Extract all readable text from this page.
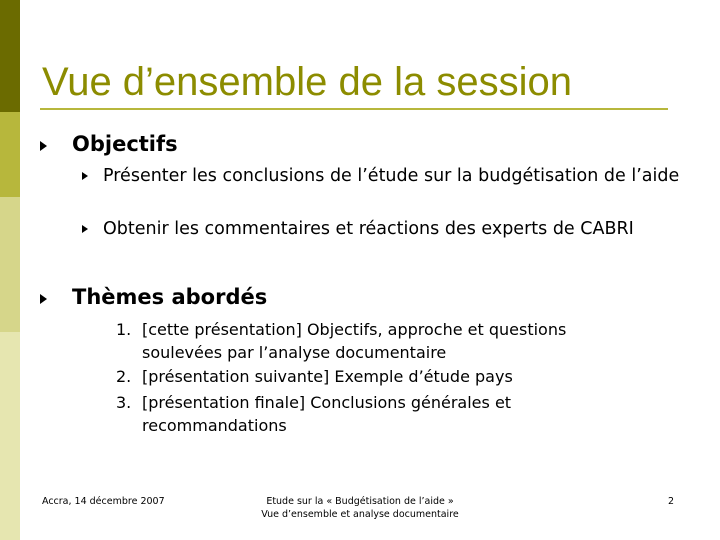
Vue d’ensemble de la session
Objectifs
Présenter les conclusions de l’étude sur la budgétisation de l’aide
Obtenir les commentaires et réactions des experts de CABRI
Thèmes abordés
1. [cette présentation] Objectifs, approche et questions soulevées par l’analyse documentaire
2. [présentation suivante] Exemple d’étude pays
3. [présentation finale] Conclusions générales et recommandations
Accra, 14 décembre 2007	Etude sur la « Budgétisation de l’aide »
Vue d’ensemble et analyse documentaire
2
